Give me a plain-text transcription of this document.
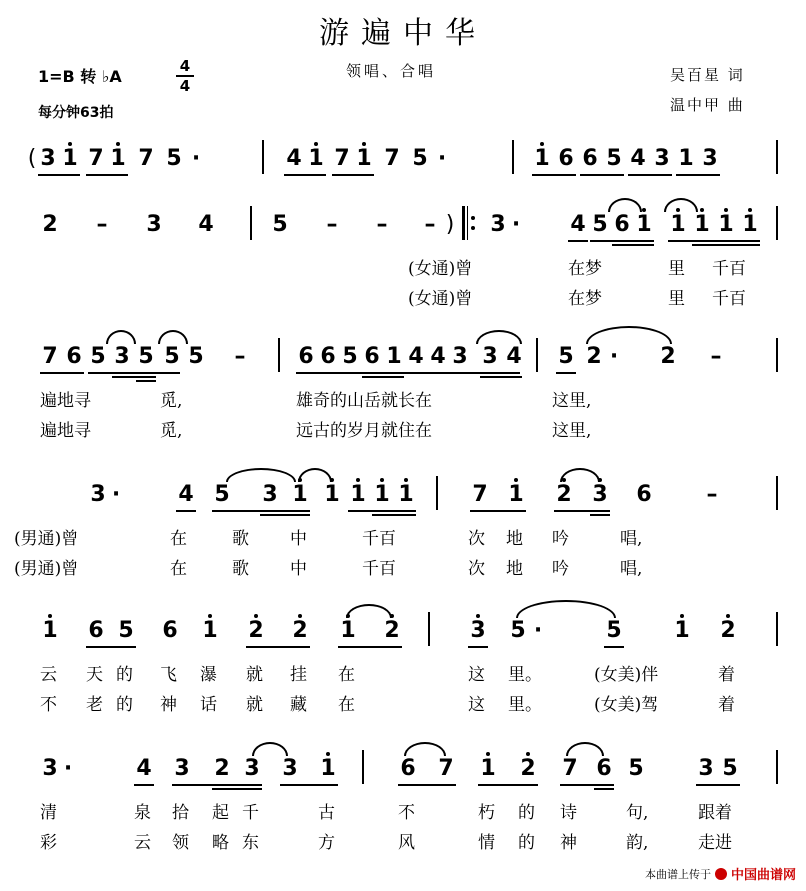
游遍中华
1=B 转 ♭A
4
4
每分钟63拍
领唱、合唱	吴百星 词
温中甲 曲
( 3 1 7 1 7 5 ·	4 1 7 1 7 5 ·	1 6 6 5 4 3 1 3
2 – 3 4	5 – – – ) 3 · 4 5 6 1 1 1 1 1
(女通)曾	在梦	里 千百
(女通)曾	在梦	里 千百
7 6 5 3 5 5 5 – 6 6 5 6 1 4 4 3 3 4 5 2 · 2 –
遍地寻	觅,	雄奇的山岳就长在	这里,
遍地寻	觅,	远古的岁月就住在	这里,
3 ·	4 5 3 1 1 1 1 1	7 1 2 3 6 –
(男通)曾	在	歌 中	千百	次 地 吟	唱,
(男通)曾	在	歌 中	千百	次 地 吟	唱,
1 6 5 6 1 2 2 1 2	3 5 ·	5 1 2
云 天 的 飞 瀑 就 挂 在	这 里。	(女美)伴	着
不 老 的 神 话 就 藏 在	这 里。	(女美)驾	着
3 ·	4 3 2 3 3 1	6 7 1 2 7 6 5 3 5
清	泉 拾 起 千	古	不	朽 的 诗	句,	跟着
彩	云 领 略 东	方	风	情 的 神	韵,	走进
本曲谱上传于 中国曲谱网
